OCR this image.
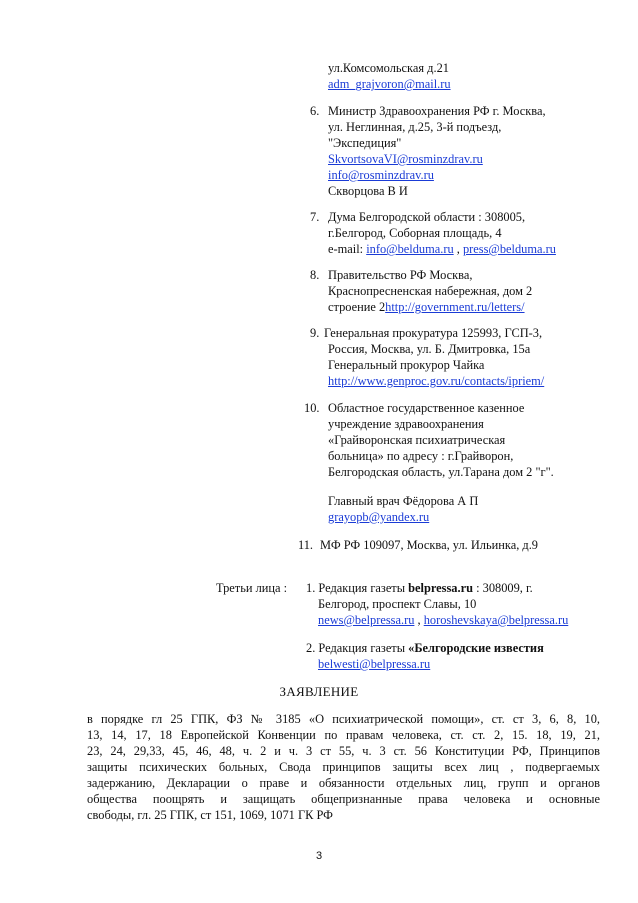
ул.Комсомольская д.21
adm_grajvoron@mail.ru
6. Министр Здравоохранения РФ г. Москва,
ул. Неглинная, д.25, 3-й подъезд,
"Экспедиция"
SkvortsovaVI@rosminzdrav.ru
info@rosminzdrav.ru
Скворцова В И
7. Дума Белгородской области : 308005,
г.Белгород, Соборная площадь, 4
e-mail: info@belduma.ru , press@belduma.ru
8. Правительство РФ Москва,
Краснопресненская набережная, дом 2
строение 2http://government.ru/letters/
9. Генеральная прокуратура 125993, ГСП-3,
Россия, Москва, ул. Б. Дмитровка, 15а
Генеральный прокурор Чайка
http://www.genproc.gov.ru/contacts/ipriem/
10. Областное государственное казенное
учреждение здравоохранения
«Грайворонская психиатрическая
больница» по адресу : г.Грайворон,
Белгородская область, ул.Тарана дом 2 "г".
Главный врач Фёдорова А П
grayopb@yandex.ru
11. МФ РФ 109097, Москва, ул. Ильинка, д.9
Третьи лица : 1. Редакция газеты belpressa.ru : 308009, г.
Белгород, проспект Славы, 10
news@belpressa.ru , horoshevskaya@belpressa.ru
2. Редакция газеты «Белгородские известия
belwesti@belpressa.ru
ЗАЯВЛЕНИЕ
в порядке гл 25 ГПК, ФЗ № 3185 «О психиатрической помощи», ст. ст 3, 6, 8, 10,
13, 14, 17, 18 Европейской Конвенции по правам человека, ст. ст. 2, 15. 18, 19, 21,
23, 24, 29,33, 45, 46, 48, ч. 2 и ч. 3 ст 55, ч. 3 ст. 56 Конституции РФ, Принципов
защиты психических больных, Свода принципов защиты всех лиц , подвергаемых
задержанию, Декларации о праве и обязанности отдельных лиц, групп и органов
общества поощрять и защищать общепризнанные права человека и основные
свободы, гл. 25 ГПК, ст 151, 1069, 1071 ГК РФ
3
